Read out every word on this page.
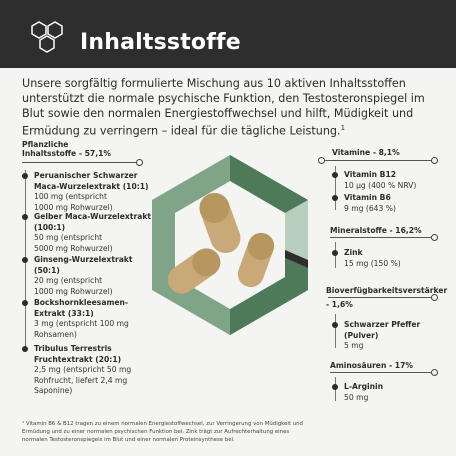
Inhaltsstoffe
Unsere sorgfältig formulierte Mischung aus 10 aktiven Inhaltsstoffen unterstützt die normale psychische Funktion, den Testosteronspiegel im Blut sowie den normalen Energiestoffwechsel und hilft, Müdigkeit und Ermüdung zu verringern – ideal für die tägliche Leistung.$^1$
Pflanzliche
Inhaltsstoffe - 57,1%
Peruanischer Schwarzer
Maca-Wurzelextrakt (10:1)
100 mg (entspricht
1000 mg Rohwurzel)
Gelber Maca-Wurzelextrakt
(100:1)
50 mg (entspricht
5000 mg Rohwurzel)
Ginseng-Wurzelextrakt
(50:1)
20 mg (entspricht
1000 mg Rohwurzel)
Bockshornkleesamen-
Extrakt (33:1)
3 mg (entspricht 100 mg
Rohsamen)
Tribulus Terrestris
Fruchtextrakt (20:1)
2,5 mg (entspricht 50 mg
Rohfrucht, liefert 2,4 mg
Saponine)
Vitamine - 8,1%
Vitamin B12
10 µg (400 % NRV)
Vitamin B6
9 mg (643 %)
Mineralstoffe - 16,2%
Zink
15 mg (150 %)
Bioverfügbarkeitsverstärker
- 1,6%
Schwarzer Pfeffer
(Pulver)
5 mg
Aminosäuren - 17%
L-Arginin
50 mg
¹ Vitamin B6 & B12 tragen zu einem normalen Energiestoffwechsel, zur Verringerung von Müdigkeit und
Ermüdung und zu einer normalen psychischen Funktion bei. Zink trägt zur Aufrechterhaltung eines
normalen Testosteronspiegels im Blut und einer normalen Proteinsynthese bei.
